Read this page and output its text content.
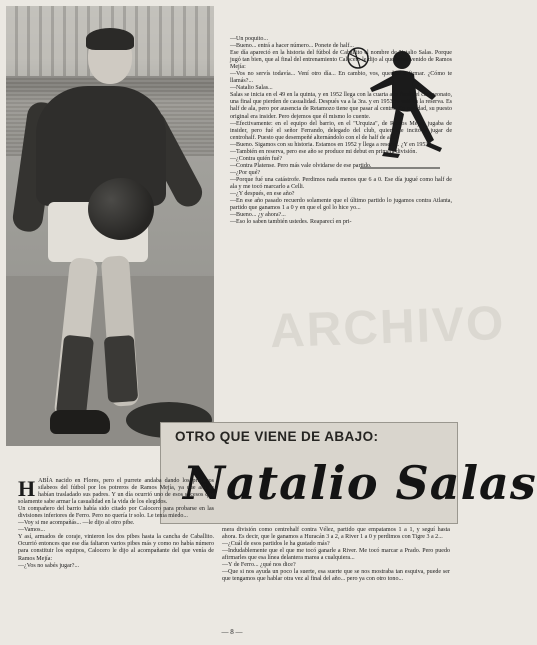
ARCHIVO

—Un poquito...

—Bueno... entrá a hacer número... Ponete de half...

Ese día apareció en la historia del fútbol de Caballito el nombre de Natalio Salas. Porque jugó tan bien, que al final del entrenamiento Calocero le dijo al que había venido de Ramos Mejía:

—Vos no servís todavía... Vení otro día... En cambio, vos, quedate a firmar. ¿Cómo te llamás?...

—Natalio Salas...

Salas se inicia en el 49 en la quinta, y en 1952 llega con la cuarta a la final del campeonato, una final que pierden de casualidad. Después va a la 3ra. y en 1953 ya está en la reserva. Es half de ala, pero por ausencia de Retamozo tiene que pasar al centro. En realidad, su puesto original era insider. Pero dejemos que él mismo lo cuente.

—Efectivamente: en el equipo del barrio, en el "Urquiza", de Ramos Mejía, jugaba de insider, pero fué el señor Ferrando, delegado del club, quien me incitó a jugar de centrohalf. Puesto que desempeñé alternándolo con el de half de ala.

—Bueno. Sigamos con su historia. Estamos en 1952 y llega a reserva. ¿Y en 1953?

—También en reserva, pero ese año se produce mi debut en primera división.

—¿Contra quién fué?

—Contra Platense. Pero más vale olvidarse de ese partido.

—¿Por qué?

—Porque fué una catástrofe. Perdimos nada menos que 6 a 0. Ese día jugué como half de ala y me tocó marcarlo a Celli.

—¿Y después, en ese año?

—En ese año pasado recuerdo solamente que el último partido lo jugamos contra Atlanta, partido que ganamos 1 a 0 y en que el gol lo hice yo...

—Bueno... ¿y ahora?...

—Eso lo saben también ustedes. Reaparecí en pri-

OTRO QUE VIENE DE ABAJO:
Natalio Salas

HABÍA nacido en Flores, pero el purrete andaba dando los primeros silabeos del fútbol por los potreros de Ramos Mejía, ya que allí se habían trasladado sus padres. Y un día ocurrió uno de esos sucesos que solamente sabe armar la casualidad en la vida de los elegidos.

Un compañero del barrio había sido citado por Calocero para probarse en las divisiones inferiores de Ferro. Pero no quería ir solo. Le tenía miedo...

—Voy si me acompañás... —le dijo al otro pibe.

—Vamos...

Y así, armados de coraje, vinieron los dos pibes hasta la cancha de Caballito. Ocurrió entonces que ese día faltaron varios pibes más y como no había número para constituir los equipos, Calocero le dijo al acompañante del que venía de Ramos Mejía:

—¿Vos no sabés jugar?...

mera división como centrehalf contra Vélez, partido que empatamos 1 a 1, y seguí hasta ahora. Es decir, que le ganamos a Huracán 3 a 2, a River 1 a 0 y perdimos con Tigre 3 a 2...

—¿Cuál de esos partidos le ha gustado más?

—Indudablemente que el que me tocó ganarle a River. Me tocó marcar a Prado. Pero puedo afirmarles que esa línea delantera marea a cualquiera...

—Y de Ferro... ¿qué nos dice?

—Que si nos ayuda un poco la suerte, esa suerte que se nos mostraba tan esquiva, puede ser que tengamos que hablar otra vez al final del año... pero ya con otro tono...

— 8 —
